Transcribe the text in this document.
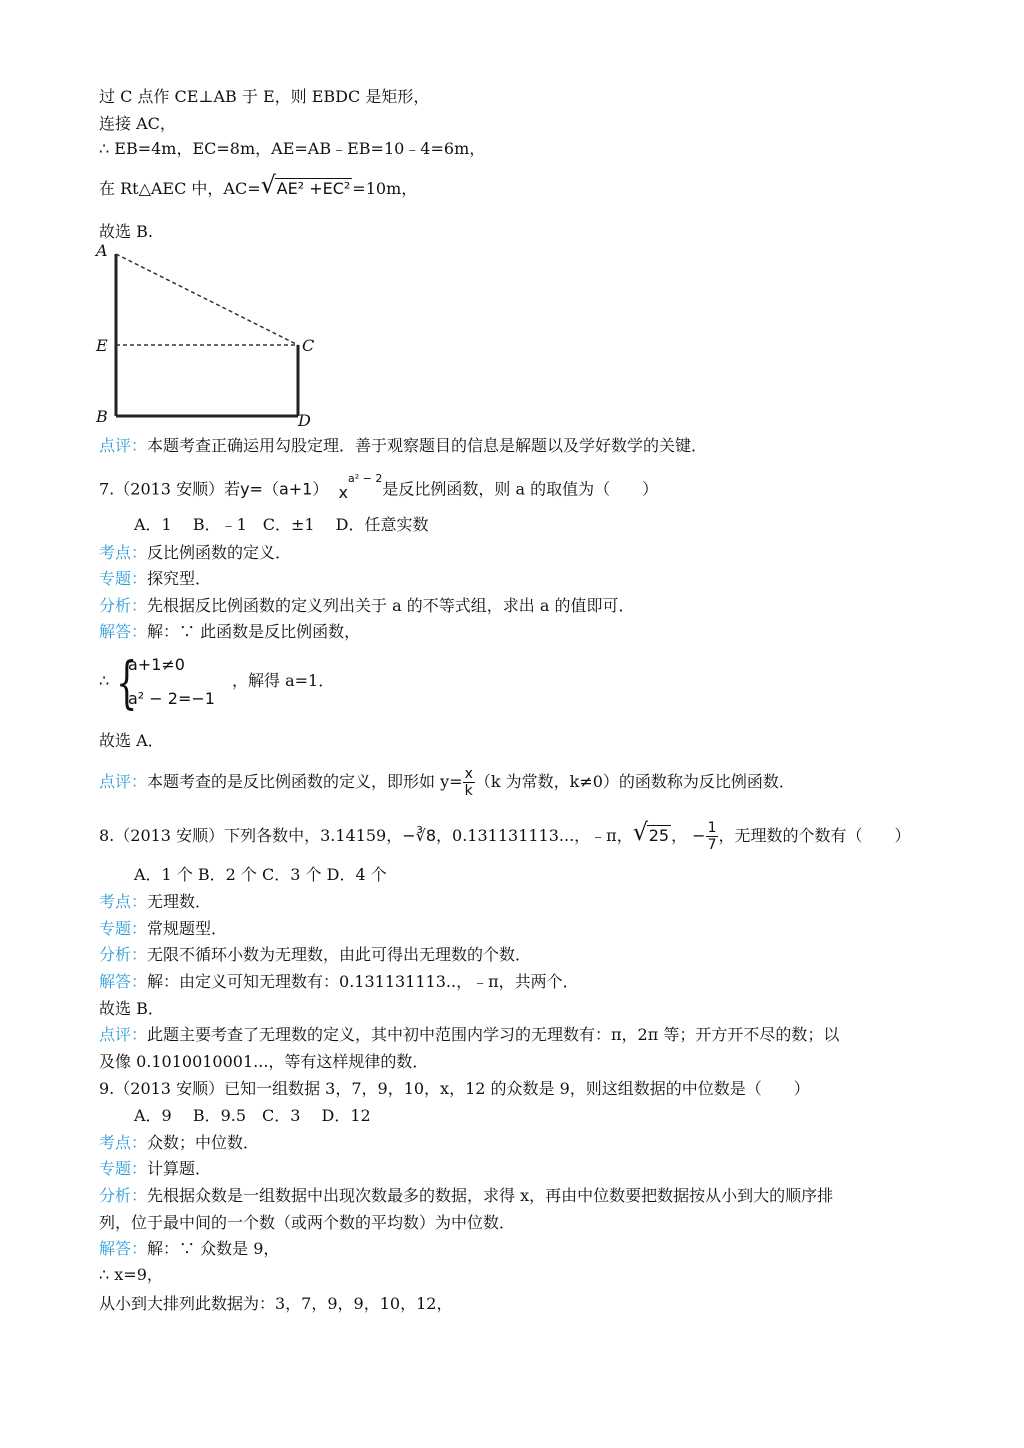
过 C 点作 CE⊥AB 于 E，则 EBDC 是矩形，
连接 AC，
∴ EB=4m，EC=8m，AE=AB﹣EB=10﹣4=6m，
在 Rt△AEC 中，AC= √ AE² +EC² =10m，
故选 B.
A
E
B
C
D
点评：本题考查正确运用勾股定理．善于观察题目的信息是解题以及学好数学的关键．
7.（2013 安顺）若y=（a+1） $x^{a^2 - 2}$是反比例函数，则 a 的取值为（　　）
A．1　 B．﹣1　C．±1　 D．任意实数
考点：反比例函数的定义．
专题：探究型．
分析：先根据反比例函数的定义列出关于 a 的不等式组，求出 a 的值即可．
解答：解：∵ 此函数是反比例函数，
∴ {
a+1≠0
a² − 2=−1
，解得 a=1．
故选 A．
点评：本题考查的是反比例函数的定义，即形如 $y= \frac{x}{k} (k$ 为常数，k≠0）的函数称为反比例函数．
8.（2013 安顺）下列各数中，3.14159，−∛8，0.131131113...，﹣π， √ 25 ， − $\frac{1}{7}$ ，无理数的个数有（　　）
A．1 个 B．2 个 C．3 个 D．4 个
考点：无理数．
专题：常规题型．
分析：无限不循环小数为无理数，由此可得出无理数的个数．
解答：解：由定义可知无理数有：0.131131113..，﹣π，共两个．
故选 B．
点评：此题主要考查了无理数的定义，其中初中范围内学习的无理数有：π，2π 等；开方开不尽的数；以
及像 0.1010010001...，等有这样规律的数．
9.（2013 安顺）已知一组数据 3，7，9，10，x，12 的众数是 9，则这组数据的中位数是（　　）
A．9　 B．9.5　C．3　 D．12
考点：众数；中位数．
专题：计算题．
分析：先根据众数是一组数据中出现次数最多的数据，求得 x，再由中位数要把数据按从小到大的顺序排
列，位于最中间的一个数（或两个数的平均数）为中位数．
解答：解：∵ 众数是 9，
∴ x=9，
从小到大排列此数据为：3，7，9，9，10，12，
